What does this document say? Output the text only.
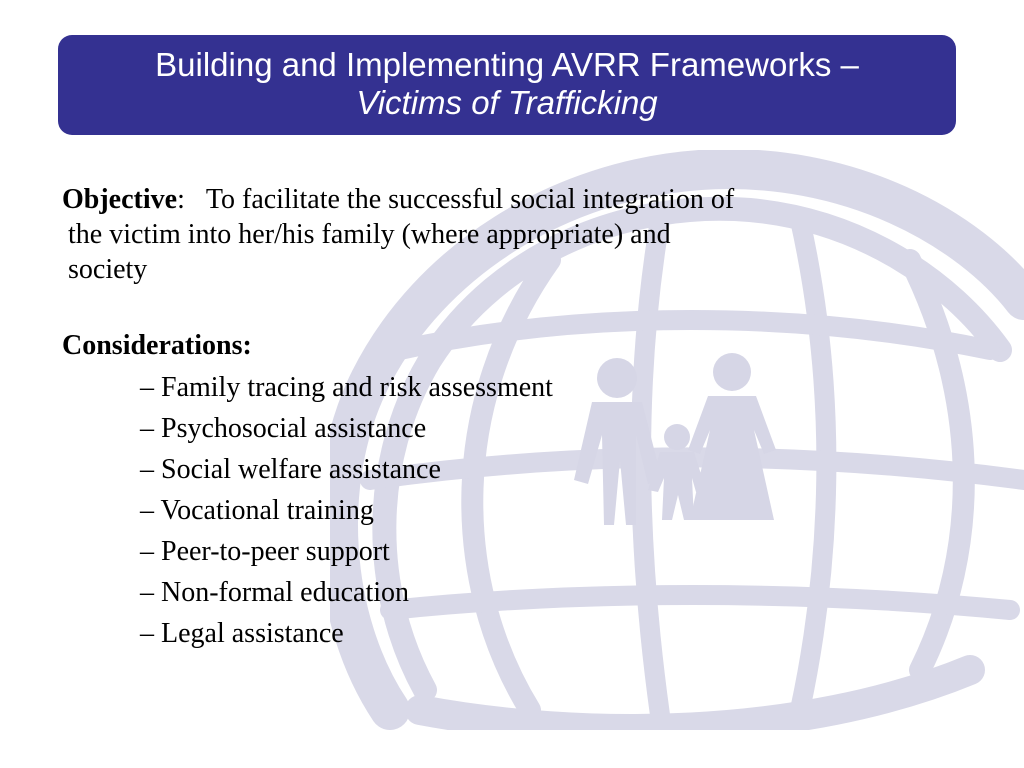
Building and Implementing AVRR Frameworks –
Victims of Trafficking
Objective: To facilitate the successful social integration of
the victim into her/his family (where appropriate) and
society
Considerations:
– Family tracing and risk assessment
– Psychosocial assistance
– Social welfare assistance
– Vocational training
– Peer-to-peer support
– Non-formal education
– Legal assistance
